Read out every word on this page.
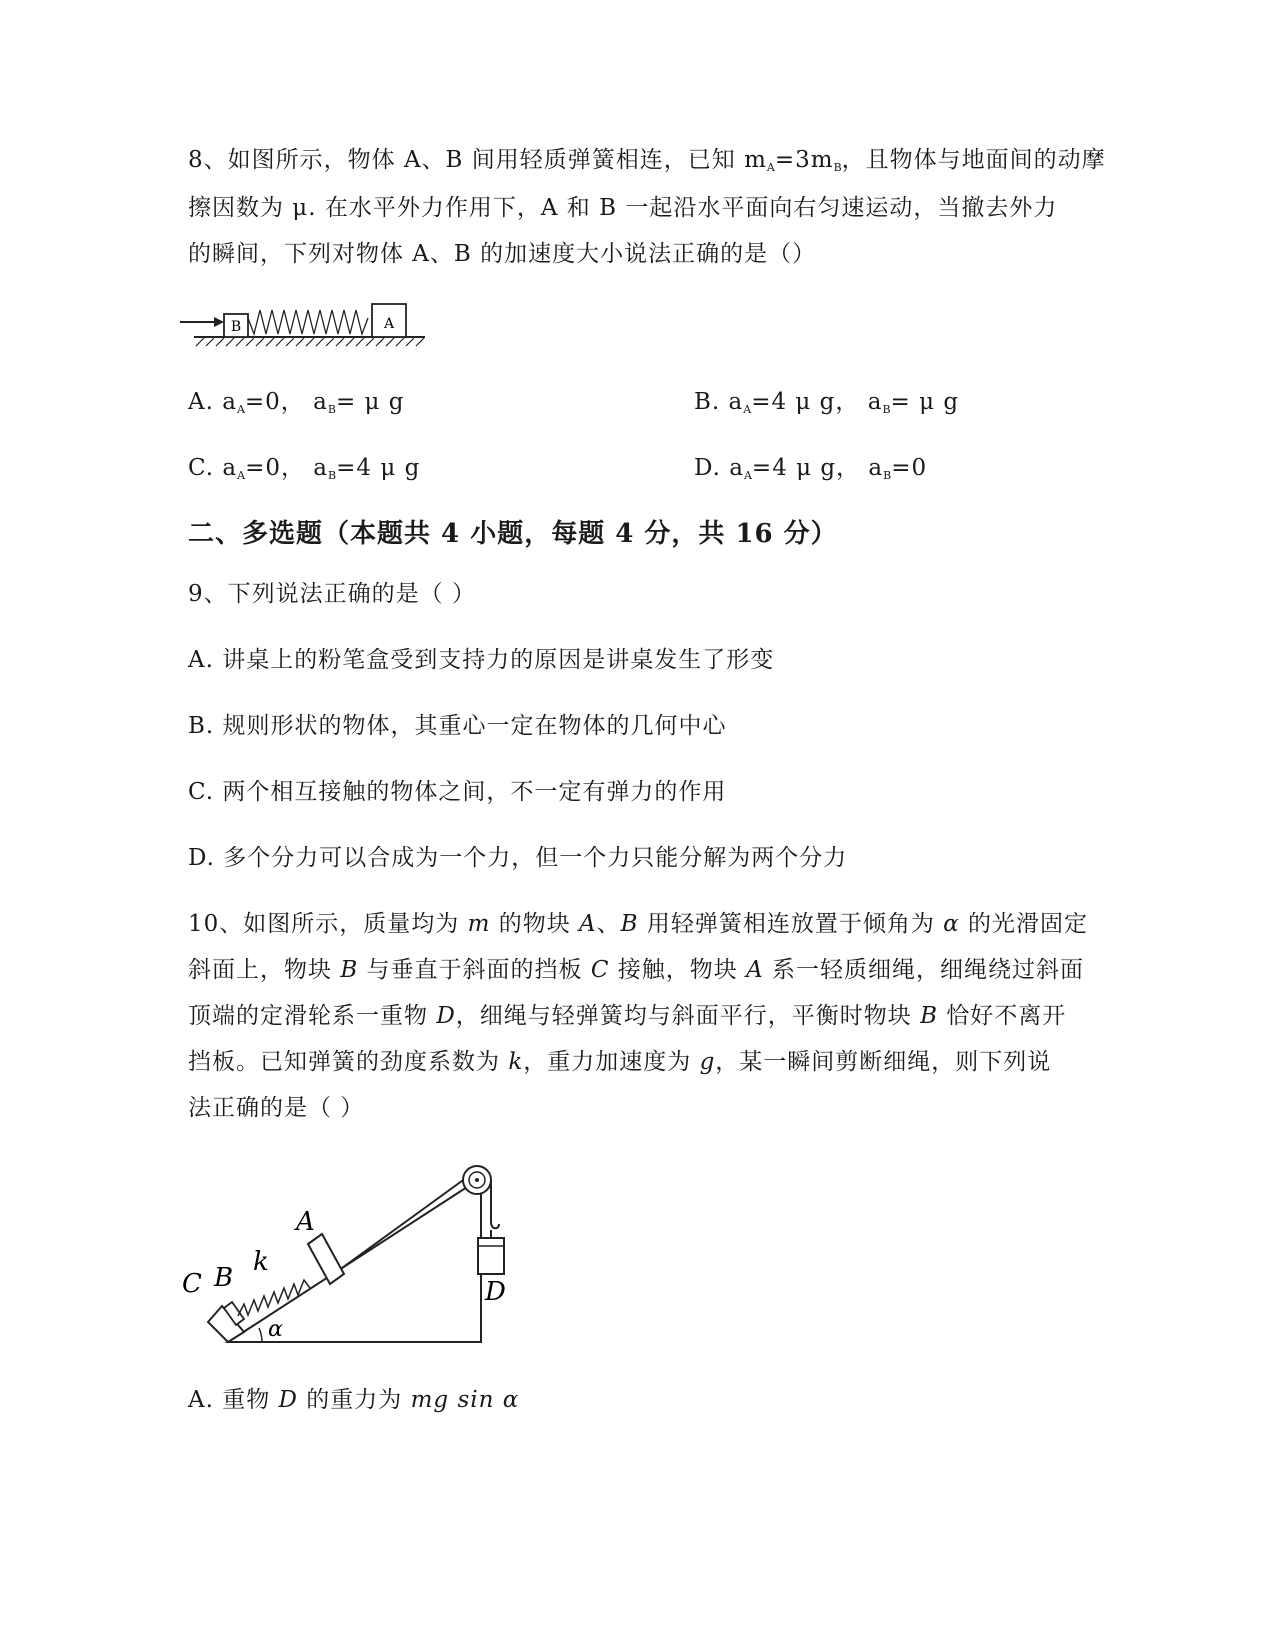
8、如图所示，物体 A、B 间用轻质弹簧相连，已知 $m_A=3m_B$，且物体与地面间的动摩
擦因数为 μ. 在水平外力作用下，A 和 B 一起沿水平面向右匀速运动，当撤去外力
的瞬间，下列对物体 A、B 的加速度大小说法正确的是（）
B	A
A. $a_A=0$， $a_B= \mu$ g	B. $a_A=4$ μ g， $a_B= \mu$ g
C. $a_A=0$， $a_B=4$ μ g	D. $a_A=4$ μ g， $a_B=0$
二、多选题（本题共 4 小题，每题 4 分，共 16 分）
9、下列说法正确的是（ ）
A. 讲桌上的粉笔盒受到支持力的原因是讲桌发生了形变
B. 规则形状的物体，其重心一定在物体的几何中心
C. 两个相互接触的物体之间，不一定有弹力的作用
D. 多个分力可以合成为一个力，但一个力只能分解为两个分力
10、如图所示，质量均为 m 的物块 A、B 用轻弹簧相连放置于倾角为 α 的光滑固定
斜面上，物块 B 与垂直于斜面的挡板 C 接触，物块 A 系一轻质细绳，细绳绕过斜面
顶端的定滑轮系一重物 D，细绳与轻弹簧均与斜面平行，平衡时物块 B 恰好不离开
挡板。已知弹簧的劲度系数为 k，重力加速度为 g，某一瞬间剪断细绳，则下列说
法正确的是（ ）
D
C B
k
A
α
A. 重物 D 的重力为 mg sin α
